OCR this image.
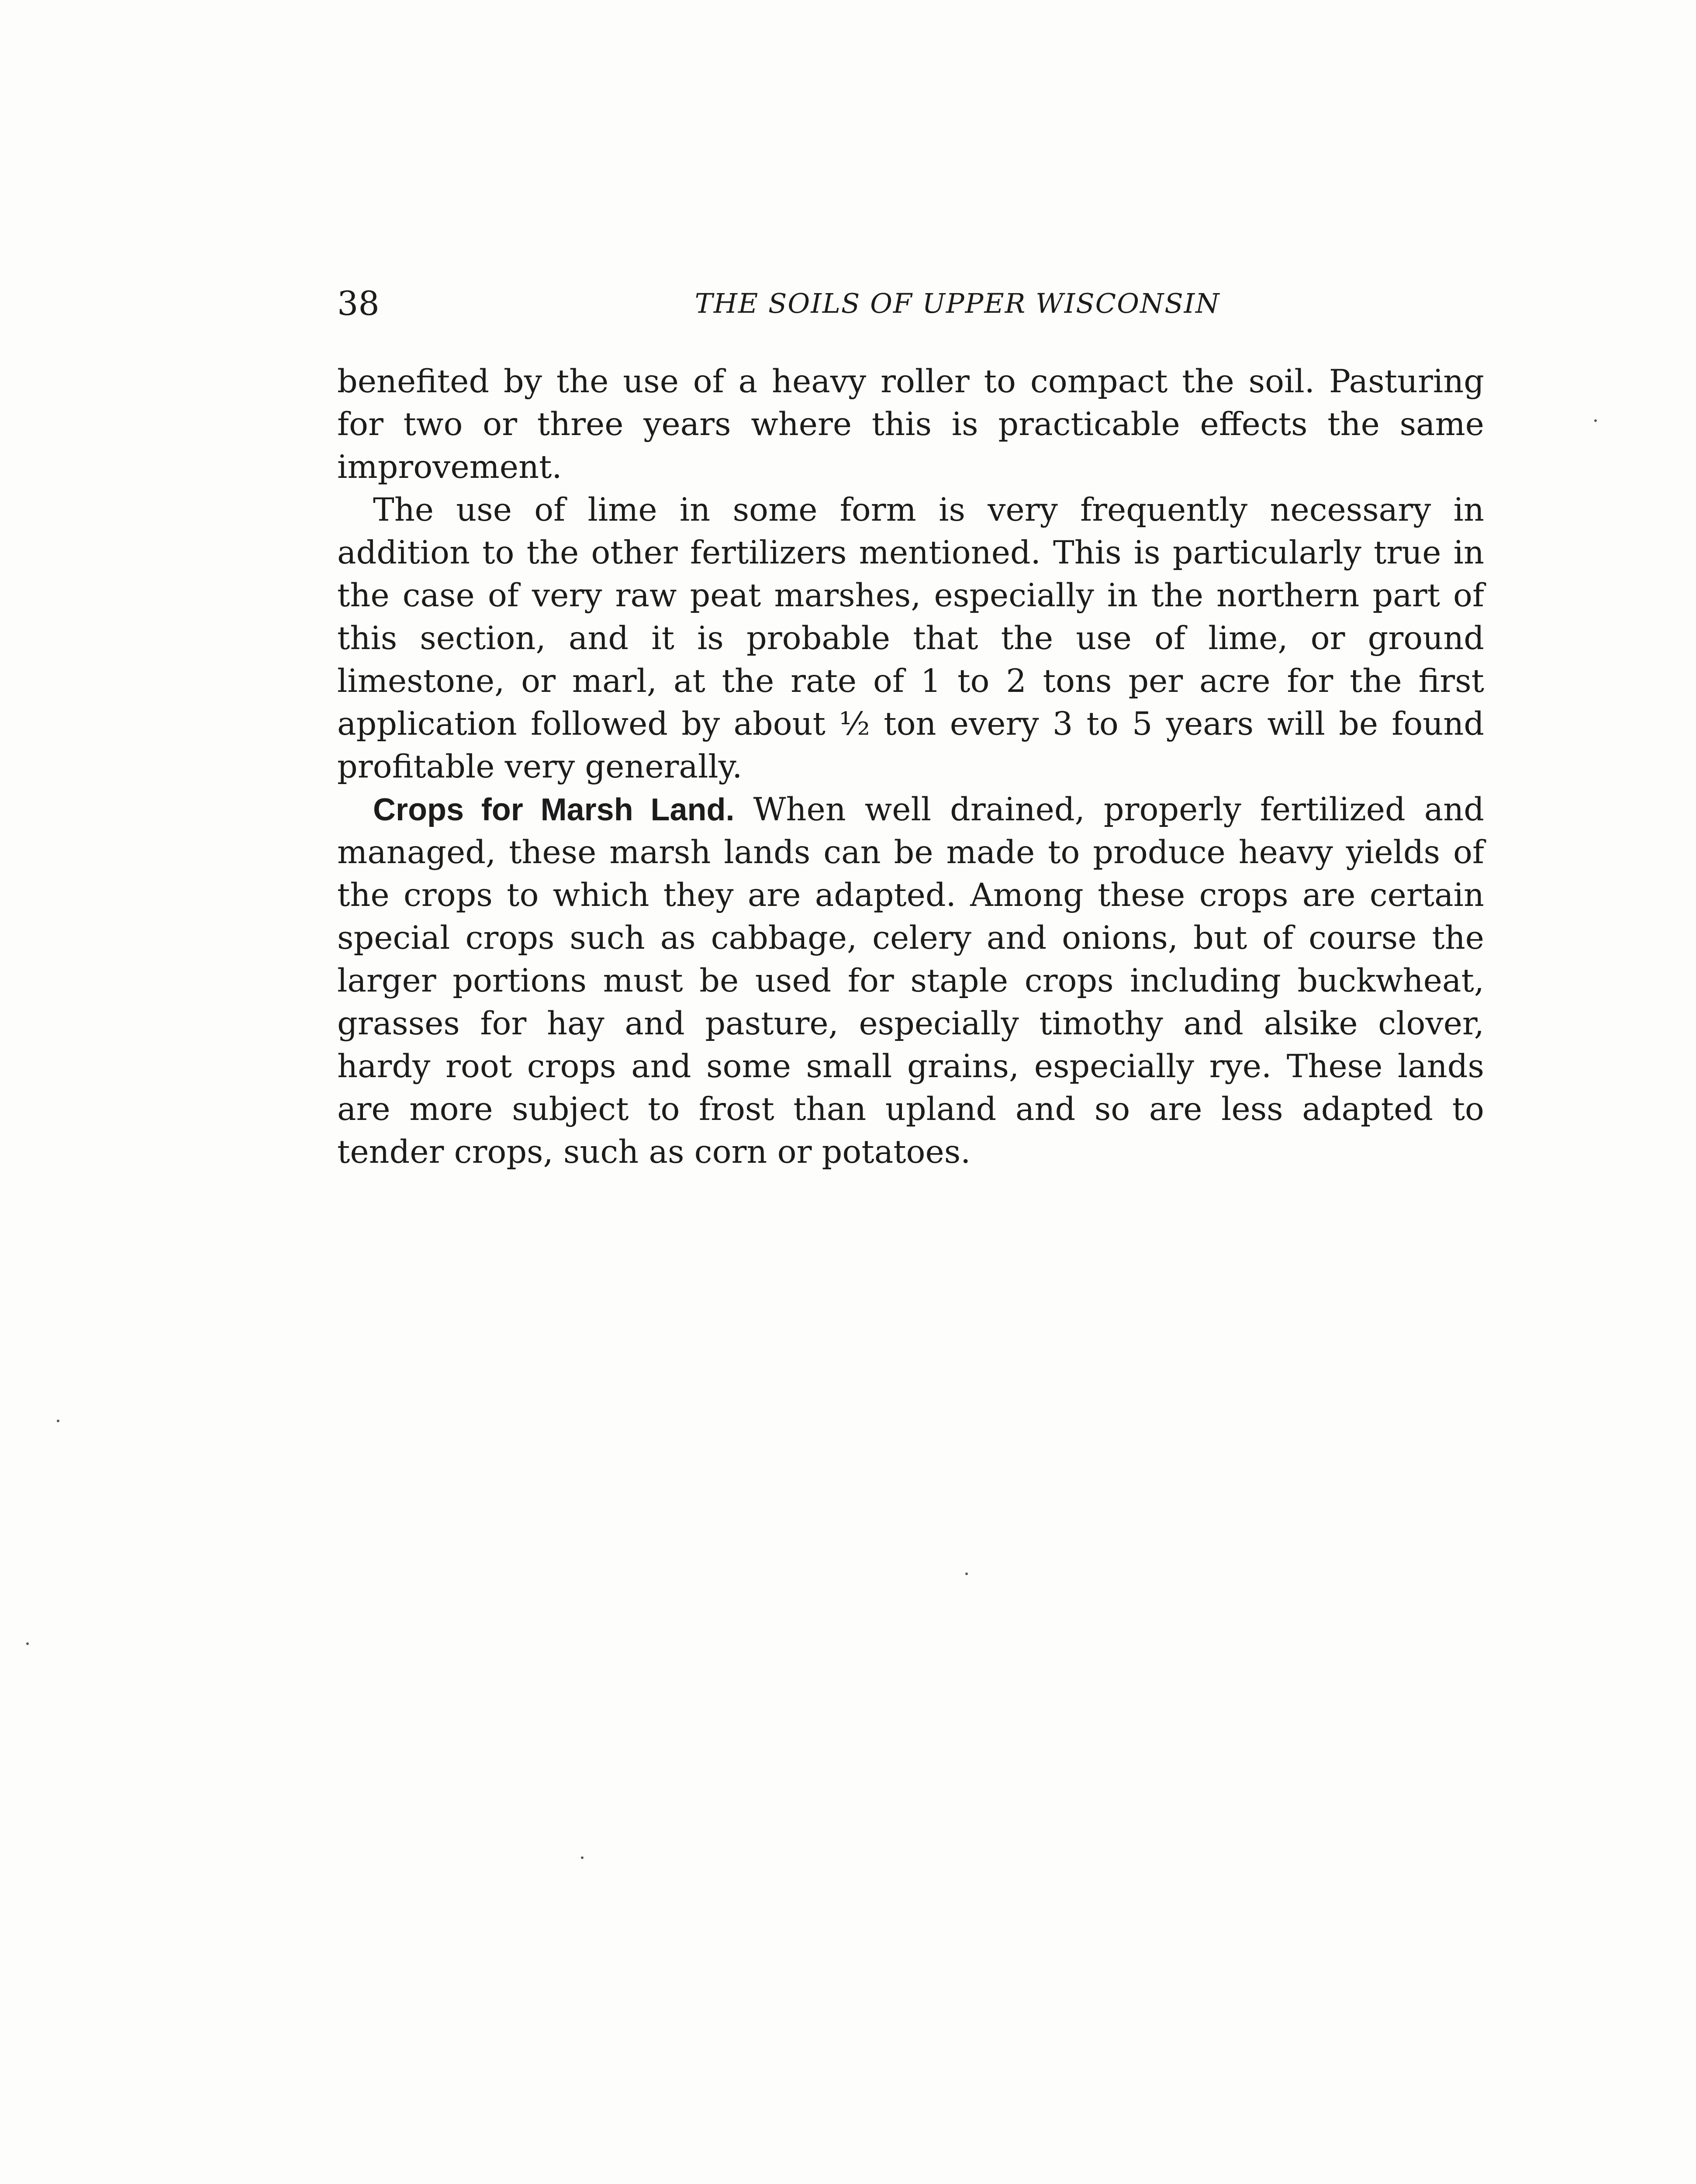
38	THE SOILS OF UPPER WISCONSIN

benefited by the use of a heavy roller to compact the soil. Pasturing for two or three years where this is practicable effects the same improvement.

The use of lime in some form is very frequently necessary in addition to the other fertilizers mentioned. This is particularly true in the case of very raw peat marshes, especially in the northern part of this section, and it is probable that the use of lime, or ground limestone, or marl, at the rate of 1 to 2 tons per acre for the first application followed by about ½ ton every 3 to 5 years will be found profitable very generally.

Crops for Marsh Land. When well drained, properly fertilized and managed, these marsh lands can be made to produce heavy yields of the crops to which they are adapted. Among these crops are certain special crops such as cabbage, celery and onions, but of course the larger portions must be used for staple crops including buckwheat, grasses for hay and pasture, especially timothy and alsike clover, hardy root crops and some small grains, especially rye. These lands are more subject to frost than upland and so are less adapted to tender crops, such as corn or potatoes.
